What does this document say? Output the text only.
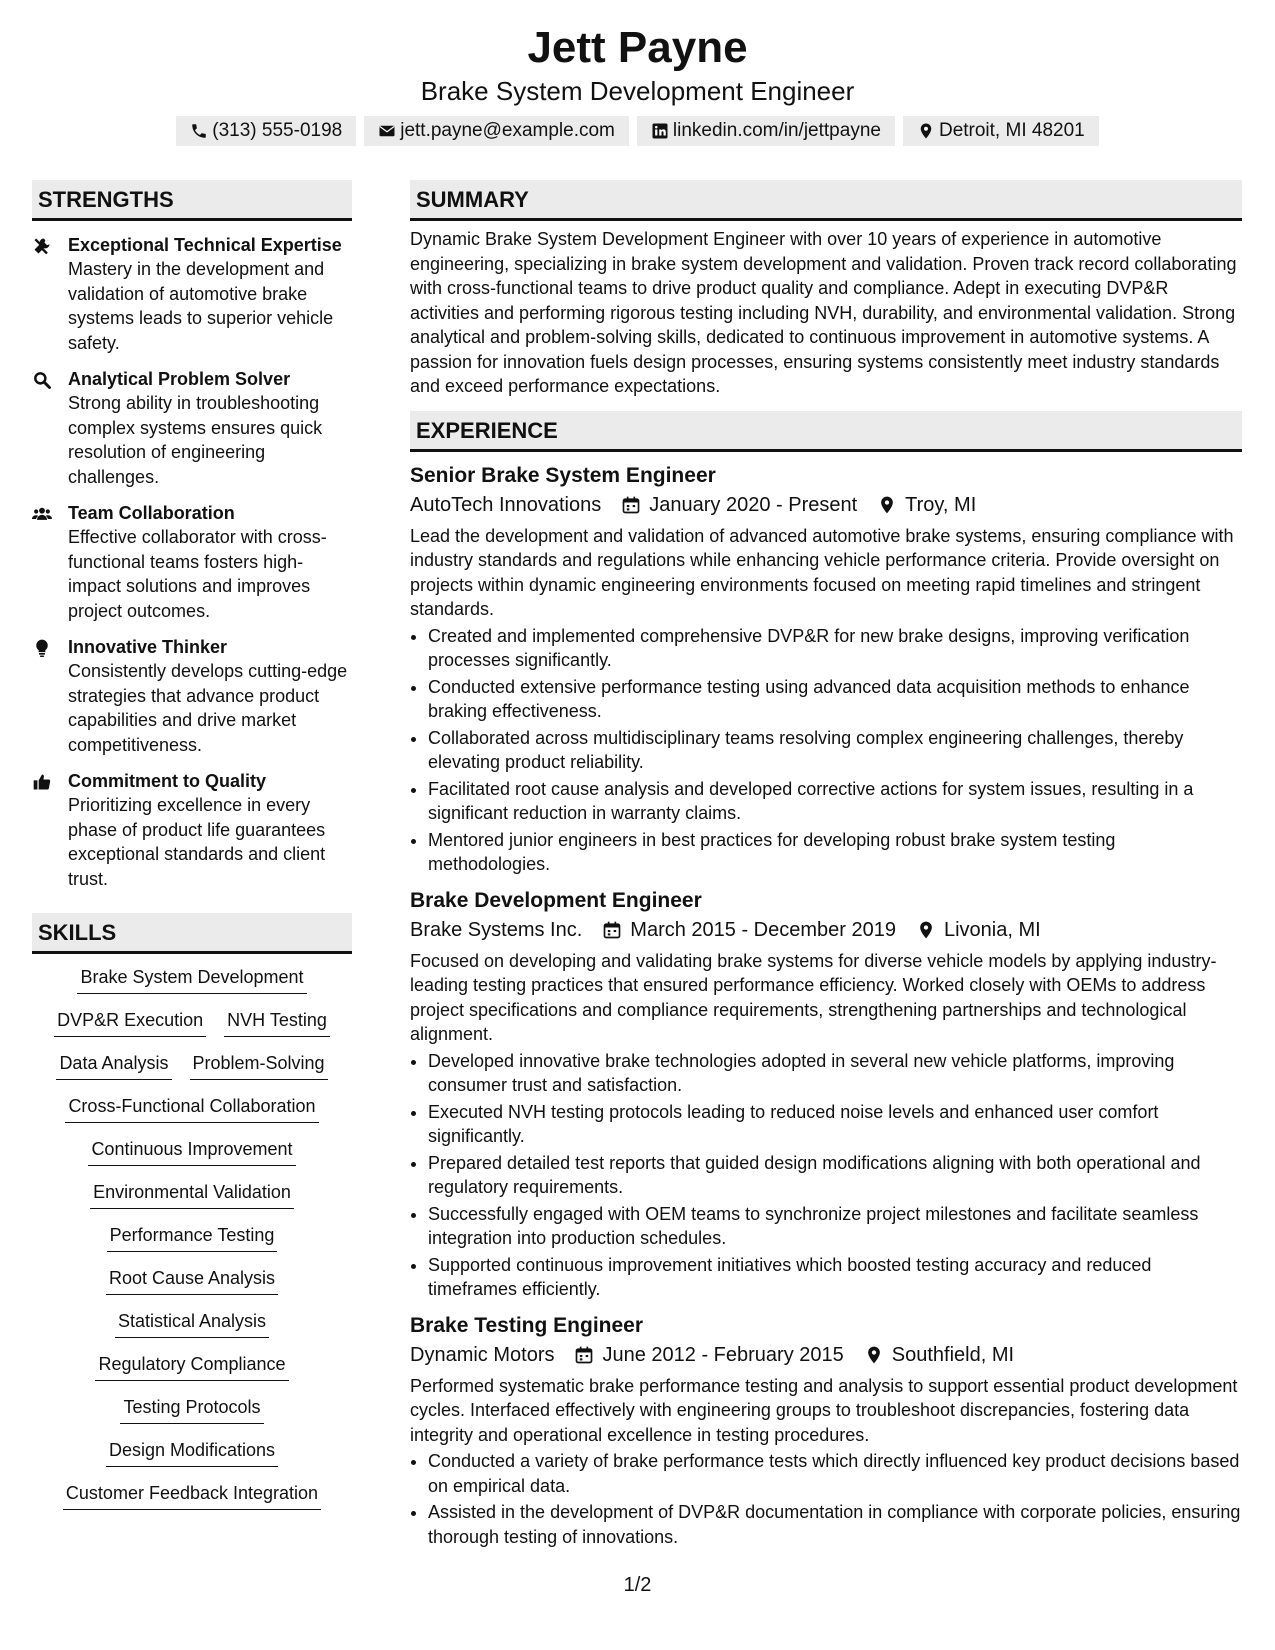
Jett Payne
Brake System Development Engineer
(313) 555-0198	jett.payne@example.com	linkedin.com/in/jettpayne	Detroit, MI 48201
STRENGTHS
Exceptional Technical Expertise
Mastery in the development and validation of automotive brake systems leads to superior vehicle safety.
Analytical Problem Solver
Strong ability in troubleshooting complex systems ensures quick resolution of engineering challenges.
Team Collaboration
Effective collaborator with cross-functional teams fosters high-impact solutions and improves project outcomes.
Innovative Thinker
Consistently develops cutting-edge strategies that advance product capabilities and drive market competitiveness.
Commitment to Quality
Prioritizing excellence in every phase of product life guarantees exceptional standards and client trust.
SKILLS
Brake System Development
DVP&R Execution NVH Testing
Data Analysis Problem-Solving
Cross-Functional Collaboration
Continuous Improvement
Environmental Validation
Performance Testing
Root Cause Analysis
Statistical Analysis
Regulatory Compliance
Testing Protocols
Design Modifications
Customer Feedback Integration
SUMMARY
Dynamic Brake System Development Engineer with over 10 years of experience in automotive engineering, specializing in brake system development and validation. Proven track record collaborating with cross-functional teams to drive product quality and compliance. Adept in executing DVP&R activities and performing rigorous testing including NVH, durability, and environmental validation. Strong analytical and problem-solving skills, dedicated to continuous improvement in automotive systems. A passion for innovation fuels design processes, ensuring systems consistently meet industry standards and exceed performance expectations.
EXPERIENCE
Senior Brake System Engineer
AutoTech Innovations January 2020 - Present Troy, MI
Lead the development and validation of advanced automotive brake systems, ensuring compliance with industry standards and regulations while enhancing vehicle performance criteria. Provide oversight on projects within dynamic engineering environments focused on meeting rapid timelines and stringent standards.
• Created and implemented comprehensive DVP&R for new brake designs, improving verification processes significantly.
• Conducted extensive performance testing using advanced data acquisition methods to enhance braking effectiveness.
• Collaborated across multidisciplinary teams resolving complex engineering challenges, thereby elevating product reliability.
• Facilitated root cause analysis and developed corrective actions for system issues, resulting in a significant reduction in warranty claims.
• Mentored junior engineers in best practices for developing robust brake system testing methodologies.
Brake Development Engineer
Brake Systems Inc. March 2015 - December 2019 Livonia, MI
Focused on developing and validating brake systems for diverse vehicle models by applying industry-leading testing practices that ensured performance efficiency. Worked closely with OEMs to address project specifications and compliance requirements, strengthening partnerships and technological alignment.
• Developed innovative brake technologies adopted in several new vehicle platforms, improving consumer trust and satisfaction.
• Executed NVH testing protocols leading to reduced noise levels and enhanced user comfort significantly.
• Prepared detailed test reports that guided design modifications aligning with both operational and regulatory requirements.
• Successfully engaged with OEM teams to synchronize project milestones and facilitate seamless integration into production schedules.
• Supported continuous improvement initiatives which boosted testing accuracy and reduced timeframes efficiently.
Brake Testing Engineer
Dynamic Motors June 2012 - February 2015 Southfield, MI
Performed systematic brake performance testing and analysis to support essential product development cycles. Interfaced effectively with engineering groups to troubleshoot discrepancies, fostering data integrity and operational excellence in testing procedures.
• Conducted a variety of brake performance tests which directly influenced key product decisions based on empirical data.
• Assisted in the development of DVP&R documentation in compliance with corporate policies, ensuring thorough testing of innovations.
1/2
